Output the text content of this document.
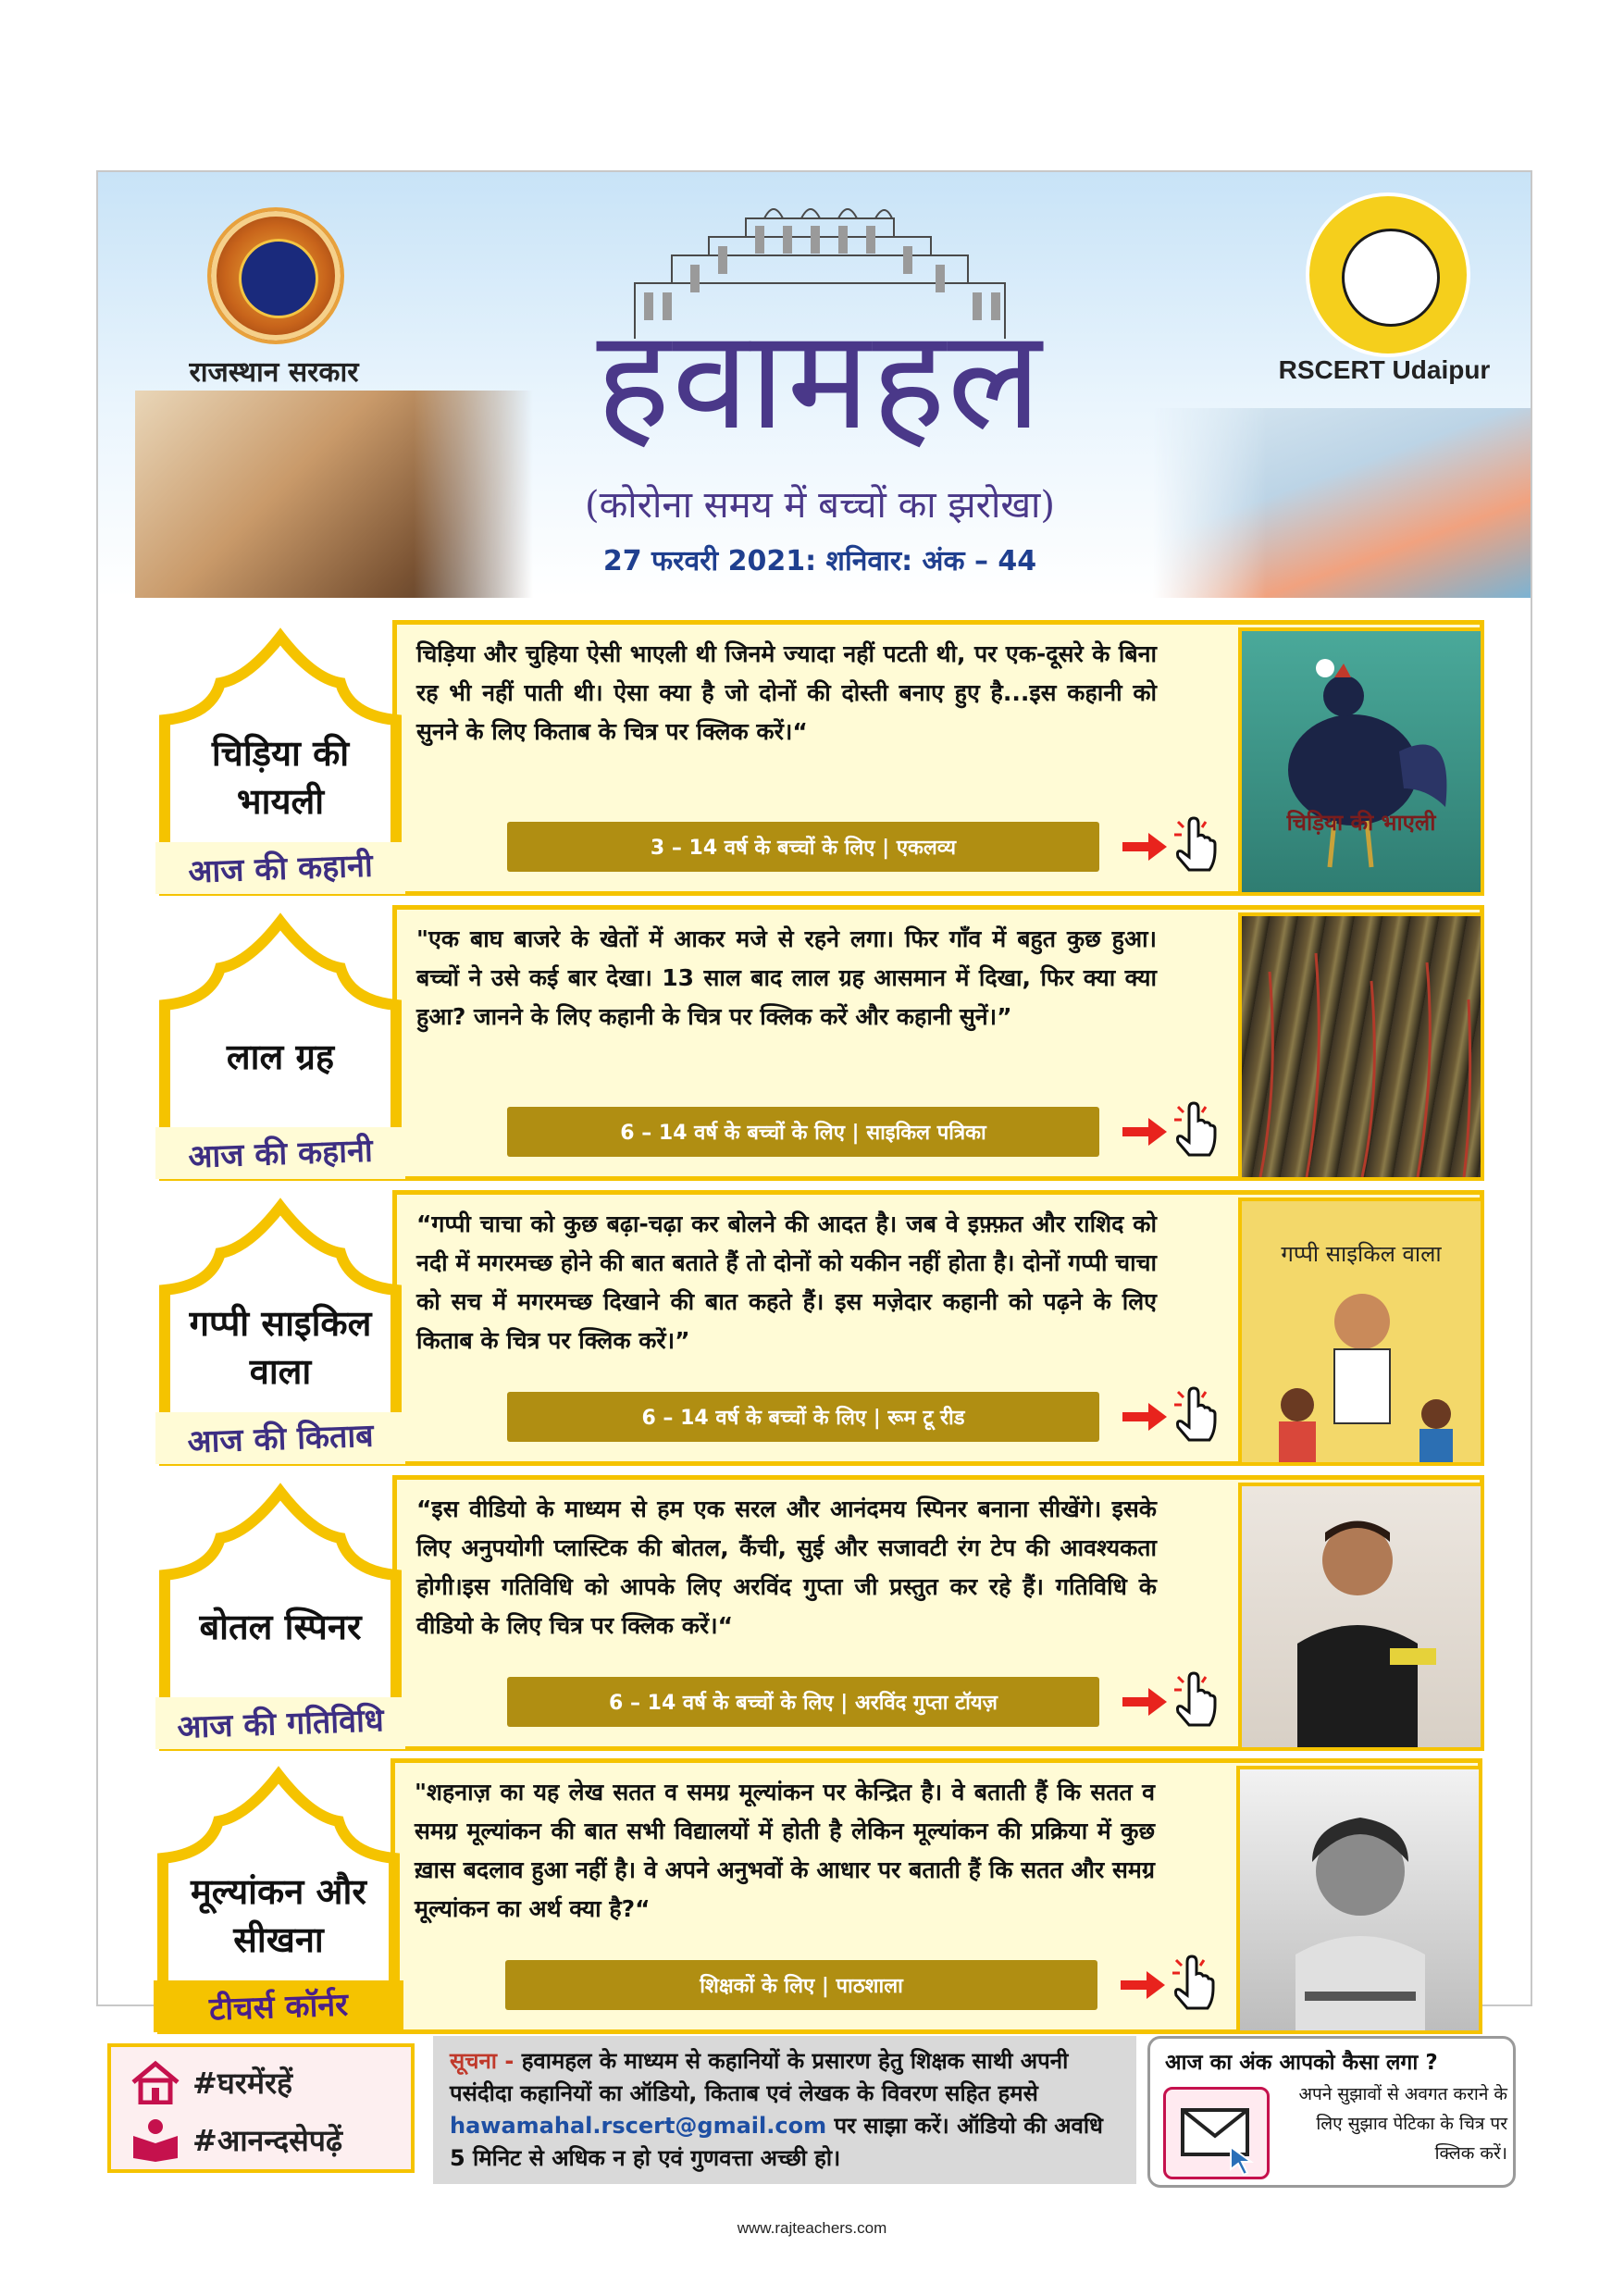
राजस्थान सरकार	RSCERT Udaipur
हवामहल
(कोरोना समय में बच्चों का झरोखा)
27 फरवरी 2021: शनिवार: अंक – 44
चिड़िया की भायली
आज की कहानी
चिड़िया और चुहिया ऐसी भाएली थी जिनमे ज्यादा नहीं पटती थी, पर एक-दूसरे के बिना रह भी नहीं पाती थी। ऐसा क्या है जो दोनों की दोस्ती बनाए हुए है...इस कहानी को सुनने के लिए किताब के चित्र पर क्लिक करें।“
3 – 14 वर्ष के बच्चों के लिए | एकलव्य
चिड़िया की भाएली
लाल ग्रह
आज की कहानी
"एक बाघ बाजरे के खेतों में आकर मजे से रहने लगा। फिर गाँव में बहुत कुछ हुआ। बच्चों ने उसे कई बार देखा। 13 साल बाद लाल ग्रह आसमान में दिखा, फिर क्या क्या हुआ? जानने के लिए कहानी के चित्र पर क्लिक करें और कहानी सुनें।”
6 – 14 वर्ष के बच्चों के लिए | साइकिल पत्रिका
गप्पी साइकिल वाला
आज की किताब
“गप्पी चाचा को कुछ बढ़ा-चढ़ा कर बोलने की आदत है। जब वे इफ़्फ़त और राशिद को नदी में मगरमच्छ होने की बात बताते हैं तो दोनों को यकीन नहीं होता है। दोनों गप्पी चाचा को सच में मगरमच्छ दिखाने की बात कहते हैं। इस मज़ेदार कहानी को पढ़ने के लिए किताब के चित्र पर क्लिक करें।”
6 – 14 वर्ष के बच्चों के लिए | रूम टू रीड
गप्पी साइकिल वाला
बोतल स्पिनर
आज की गतिविधि
“इस वीडियो के माध्यम से हम एक सरल और आनंदमय स्पिनर बनाना सीखेंगे। इसके लिए अनुपयोगी प्लास्टिक की बोतल, कैंची, सुई और सजावटी रंग टेप की आवश्यकता होगी।इस गतिविधि को आपके लिए अरविंद गुप्ता जी प्रस्तुत कर रहे हैं। गतिविधि के वीडियो के लिए चित्र पर क्लिक करें।“
6 – 14 वर्ष के बच्चों के लिए | अरविंद गुप्ता टॉयज़
मूल्यांकन और सीखना
टीचर्स कॉर्नर
"शहनाज़ का यह लेख सतत व समग्र मूल्यांकन पर केन्द्रित है। वे बताती हैं कि सतत व समग्र मूल्यांकन की बात सभी विद्यालयों में होती है लेकिन मूल्यांकन की प्रक्रिया में कुछ ख़ास बदलाव हुआ नहीं है। वे अपने अनुभवों के आधार पर बताती हैं कि सतत और समग्र मूल्यांकन का अर्थ क्या है?“
शिक्षकों के लिए | पाठशाला
#घरमेंरहें
#आनन्दसेपढ़ें
सूचना - हवामहल के माध्यम से कहानियों के प्रसारण हेतु शिक्षक साथी अपनी पसंदीदा कहानियों का ऑडियो, किताब एवं लेखक के विवरण सहित हमसे hawamahal.rscert@gmail.com पर साझा करें। ऑडियो की अवधि 5 मिनिट से अधिक न हो एवं गुणवत्ता अच्छी हो।
आज का अंक आपको कैसा लगा ?
अपने सुझावों से अवगत कराने के लिए सुझाव पेटिका के चित्र पर क्लिक करें।
www.rajteachers.com
